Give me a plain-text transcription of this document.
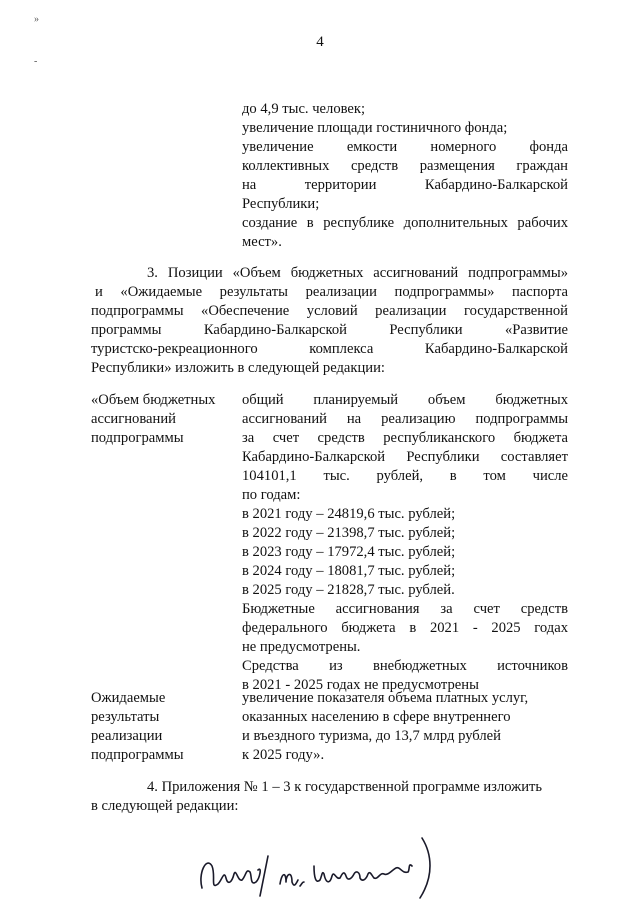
»
-
4
до 4,9 тыс. человек;
увеличение площади гостиничного фонда;
увеличение емкости номерного фонда
коллективных средств размещения граждан
на территории Кабардино-Балкарской
Республики;
создание в республике дополнительных рабочих
мест».
3. Позиции «Объем бюджетных ассигнований подпрограммы»
и «Ожидаемые результаты реализации подпрограммы» паспорта
подпрограммы «Обеспечение условий реализации государственной
программы Кабардино-Балкарской Республики «Развитие
туристско-рекреационного комплекса Кабардино-Балкарской
Республики» изложить в следующей редакции:
«Объем бюджетных
ассигнований
подпрограммы
общий планируемый объем бюджетных
ассигнований на реализацию подпрограммы
за счет средств республиканского бюджета
Кабардино-Балкарской Республики составляет
104101,1 тыс. рублей, в том числе
по годам:
в 2021 году – 24819,6 тыс. рублей;
в 2022 году – 21398,7 тыс. рублей;
в 2023 году – 17972,4 тыс. рублей;
в 2024 году – 18081,7 тыс. рублей;
в 2025 году – 21828,7 тыс. рублей.
Бюджетные ассигнования за счет средств
федерального бюджета в 2021 - 2025 годах
не предусмотрены.
Средства из внебюджетных источников
в 2021 - 2025 годах не предусмотрены
Ожидаемые
результаты
реализации
подпрограммы
увеличение показателя объема платных услуг,
оказанных населению в сфере внутреннего
и въездного туризма, до 13,7 млрд рублей
к 2025 году».
4. Приложения № 1 – 3 к государственной программе изложить
в следующей редакции:
